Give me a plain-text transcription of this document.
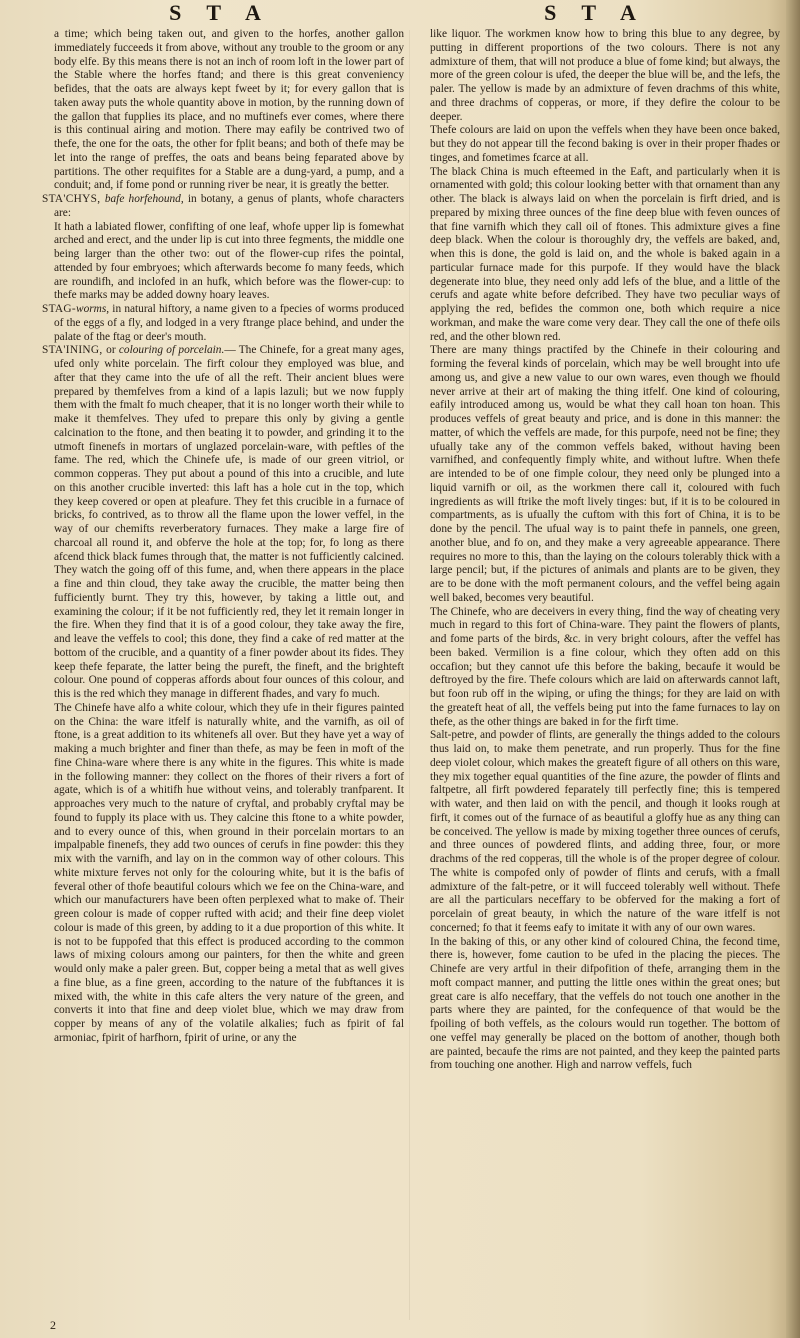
S T A	S T A

a time; which being taken out, and given to the horfes, another gallon immediately fucceeds it from above, without any trouble to the groom or any body elfe. By this means there is not an inch of room loft in the lower part of the Stable where the horfes ftand; and there is this great conveniency befides, that the oats are always kept fweet by it; for every gallon that is taken away puts the whole quantity above in motion, by the running down of the gallon that fupplies its place, and no muftinefs ever comes, where there is this continual airing and motion. There may eafily be contrived two of thefe, the one for the oats, the other for fplit beans; and both of thefe may be let into the range of preffes, the oats and beans being feparated above by partitions. The other requifites for a Stable are a dung-yard, a pump, and a conduit; and, if fome pond or running river be near, it is greatly the better.

STA'CHYS, bafe horfehound, in botany, a genus of plants, whofe characters are:

It hath a labiated flower, confifting of one leaf, whofe upper lip is fomewhat arched and erect, and the under lip is cut into three fegments, the middle one being larger than the other two: out of the flower-cup rifes the pointal, attended by four embryoes; which afterwards become fo many feeds, which are roundifh, and inclofed in an hufk, which before was the flower-cup: to thefe marks may be added downy hoary leaves.

STAG-worms, in natural hiftory, a name given to a fpecies of worms produced of the eggs of a fly, and lodged in a very ftrange place behind, and under the palate of the ftag or deer's mouth.

STA'INING, or colouring of porcelain.— The Chinefe, for a great many ages, ufed only white porcelain. The firft colour they employed was blue, and after that they came into the ufe of all the reft. Their ancient blues were prepared by themfelves from a kind of a lapis lazuli; but we now fupply them with the fmalt fo much cheaper, that it is no longer worth their while to make it themfelves. They ufed to prepare this only by giving a gentle calcination to the ftone, and then beating it to powder, and grinding it to the utmoft finenefs in mortars of unglazed porcelain-ware, with peftles of the fame. The red, which the Chinefe ufe, is made of our green vitriol, or common copperas. They put about a pound of this into a crucible, and lute on this another crucible inverted: this laft has a hole cut in the top, which they keep covered or open at pleafure. They fet this crucible in a furnace of bricks, fo contrived, as to throw all the flame upon the lower veffel, in the way of our chemifts reverberatory furnaces. They make a large fire of charcoal all round it, and obferve the hole at the top; for, fo long as there afcend thick black fumes through that, the matter is not fufficiently calcined. They watch the going off of this fume, and, when there appears in the place a fine and thin cloud, they take away the crucible, the matter being then fufficiently burnt. They try this, however, by taking a little out, and examining the colour; if it be not fufficiently red, they let it remain longer in the fire. When they find that it is of a good colour, they take away the fire, and leave the veffels to cool; this done, they find a cake of red matter at the bottom of the crucible, and a quantity of a finer powder about its fides. They keep thefe feparate, the latter being the pureft, the fineft, and the brighteft colour. One pound of copperas affords about four ounces of this colour, and this is the red which they manage in different fhades, and vary fo much.

The Chinefe have alfo a white colour, which they ufe in their figures painted on the China: the ware itfelf is naturally white, and the varnifh, as oil of ftone, is a great addition to its whitenefs all over. But they have yet a way of making a much brighter and finer than thefe, as may be feen in moft of the fine China-ware where there is any white in the figures. This white is made in the following manner: they collect on the fhores of their rivers a fort of agate, which is of a whitifh hue without veins, and tolerably tranfparent. It approaches very much to the nature of cryftal, and probably cryftal may be found to fupply its place with us. They calcine this ftone to a white powder, and to every ounce of this, when ground in their porcelain mortars to an impalpable finenefs, they add two ounces of cerufs in fine powder: this they mix with the varnifh, and lay on in the common way of other colours. This white mixture ferves not only for the colouring white, but it is the bafis of feveral other of thofe beautiful colours which we fee on the China-ware, and which our manufacturers have been often perplexed what to make of. Their green colour is made of copper rufted with acid; and their fine deep violet colour is made of this green, by adding to it a due proportion of this white. It is not to be fuppofed that this effect is produced according to the common laws of mixing colours among our painters, for then the white and green would only make a paler green. But, copper being a metal that as well gives a fine blue, as a fine green, according to the nature of the fubftances it is mixed with, the white in this cafe alters the very nature of the green, and converts it into that fine and deep violet blue, which we may draw from copper by means of any of the volatile alkalies; fuch as fpirit of fal armoniac, fpirit of harfhorn, fpirit of urine, or any the

like liquor. The workmen know how to bring this blue to any degree, by putting in different proportions of the two colours. There is not any admixture of them, that will not produce a blue of fome kind; but always, the more of the green colour is ufed, the deeper the blue will be, and the lefs, the paler. The yellow is made by an admixture of feven drachms of this white, and three drachms of copperas, or more, if they defire the colour to be deeper.

Thefe colours are laid on upon the veffels when they have been once baked, but they do not appear till the fecond baking is over in their proper fhades or tinges, and fometimes fcarce at all.

The black China is much efteemed in the Eaft, and particularly when it is ornamented with gold; this colour looking better with that ornament than any other. The black is always laid on when the porcelain is firft dried, and is prepared by mixing three ounces of the fine deep blue with feven ounces of that fine varnifh which they call oil of ftones. This admixture gives a fine deep black. When the colour is thoroughly dry, the veffels are baked, and, when this is done, the gold is laid on, and the whole is baked again in a particular furnace made for this purpofe. If they would have the black degenerate into blue, they need only add lefs of the blue, and a little of the cerufs and agate white before defcribed. They have two peculiar ways of applying the red, befides the common one, both which require a nice workman, and make the ware come very dear. They call the one of thefe oils red, and the other blown red.

There are many things practifed by the Chinefe in their colouring and forming the feveral kinds of porcelain, which may be well brought into ufe among us, and give a new value to our own wares, even though we fhould never arrive at their art of making the thing itfelf. One kind of colouring, eafily introduced among us, would be what they call hoan ton hoan. This produces veffels of great beauty and price, and is done in this manner: the matter, of which the veffels are made, for this purpofe, need not be fine; they ufually take any of the common veffels baked, without having been varnifhed, and confequently fimply white, and without luftre. When thefe are intended to be of one fimple colour, they need only be plunged into a liquid varnifh or oil, as the workmen there call it, coloured with fuch ingredients as will ftrike the moft lively tinges: but, if it is to be coloured in compartments, as is ufually the cuftom with this fort of China, it is to be done by the pencil. The ufual way is to paint thefe in pannels, one green, another blue, and fo on, and they make a very agreeable appearance. There requires no more to this, than the laying on the colours tolerably thick with a large pencil; but, if the pictures of animals and plants are to be given, they are to be done with the moft permanent colours, and the veffel being again well baked, becomes very beautiful.

The Chinefe, who are deceivers in every thing, find the way of cheating very much in regard to this fort of China-ware. They paint the flowers of plants, and fome parts of the birds, &c. in very bright colours, after the veffel has been baked. Vermilion is a fine colour, which they often add on this occafion; but they cannot ufe this before the baking, becaufe it would be deftroyed by the fire. Thefe colours which are laid on afterwards cannot laft, but foon rub off in the wiping, or ufing the things; for they are laid on with the greateft heat of all, the veffels being put into the fame furnaces to lay on thefe, as the other things are baked in for the firft time.

Salt-petre, and powder of flints, are generally the things added to the colours thus laid on, to make them penetrate, and run properly. Thus for the fine deep violet colour, which makes the greateft figure of all others on this ware, they mix together equal quantities of the fine azure, the powder of flints and faltpetre, all firft powdered feparately till perfectly fine; this is tempered with water, and then laid on with the pencil, and though it looks rough at firft, it comes out of the furnace of as beautiful a gloffy hue as any thing can be conceived. The yellow is made by mixing together three ounces of cerufs, and three ounces of powdered flints, and adding three, four, or more drachms of the red copperas, till the whole is of the proper degree of colour. The white is compofed only of powder of flints and cerufs, with a fmall admixture of the falt-petre, or it will fucceed tolerably well without. Thefe are all the particulars neceffary to be obferved for the making a fort of porcelain of great beauty, in which the nature of the ware itfelf is not concerned; fo that it feems eafy to imitate it with any of our own wares.

In the baking of this, or any other kind of coloured China, the fecond time, there is, however, fome caution to be ufed in the placing the pieces. The Chinefe are very artful in their difpofition of thefe, arranging them in the moft compact manner, and putting the little ones within the great ones; but great care is alfo neceffary, that the veffels do not touch one another in the parts where they are painted, for the confequence of that would be the fpoiling of both veffels, as the colours would run together. The bottom of one veffel may generally be placed on the bottom of another, though both are painted, becaufe the rims are not painted, and they keep the painted parts from touching one another. High and narrow veffels, fuch

2
